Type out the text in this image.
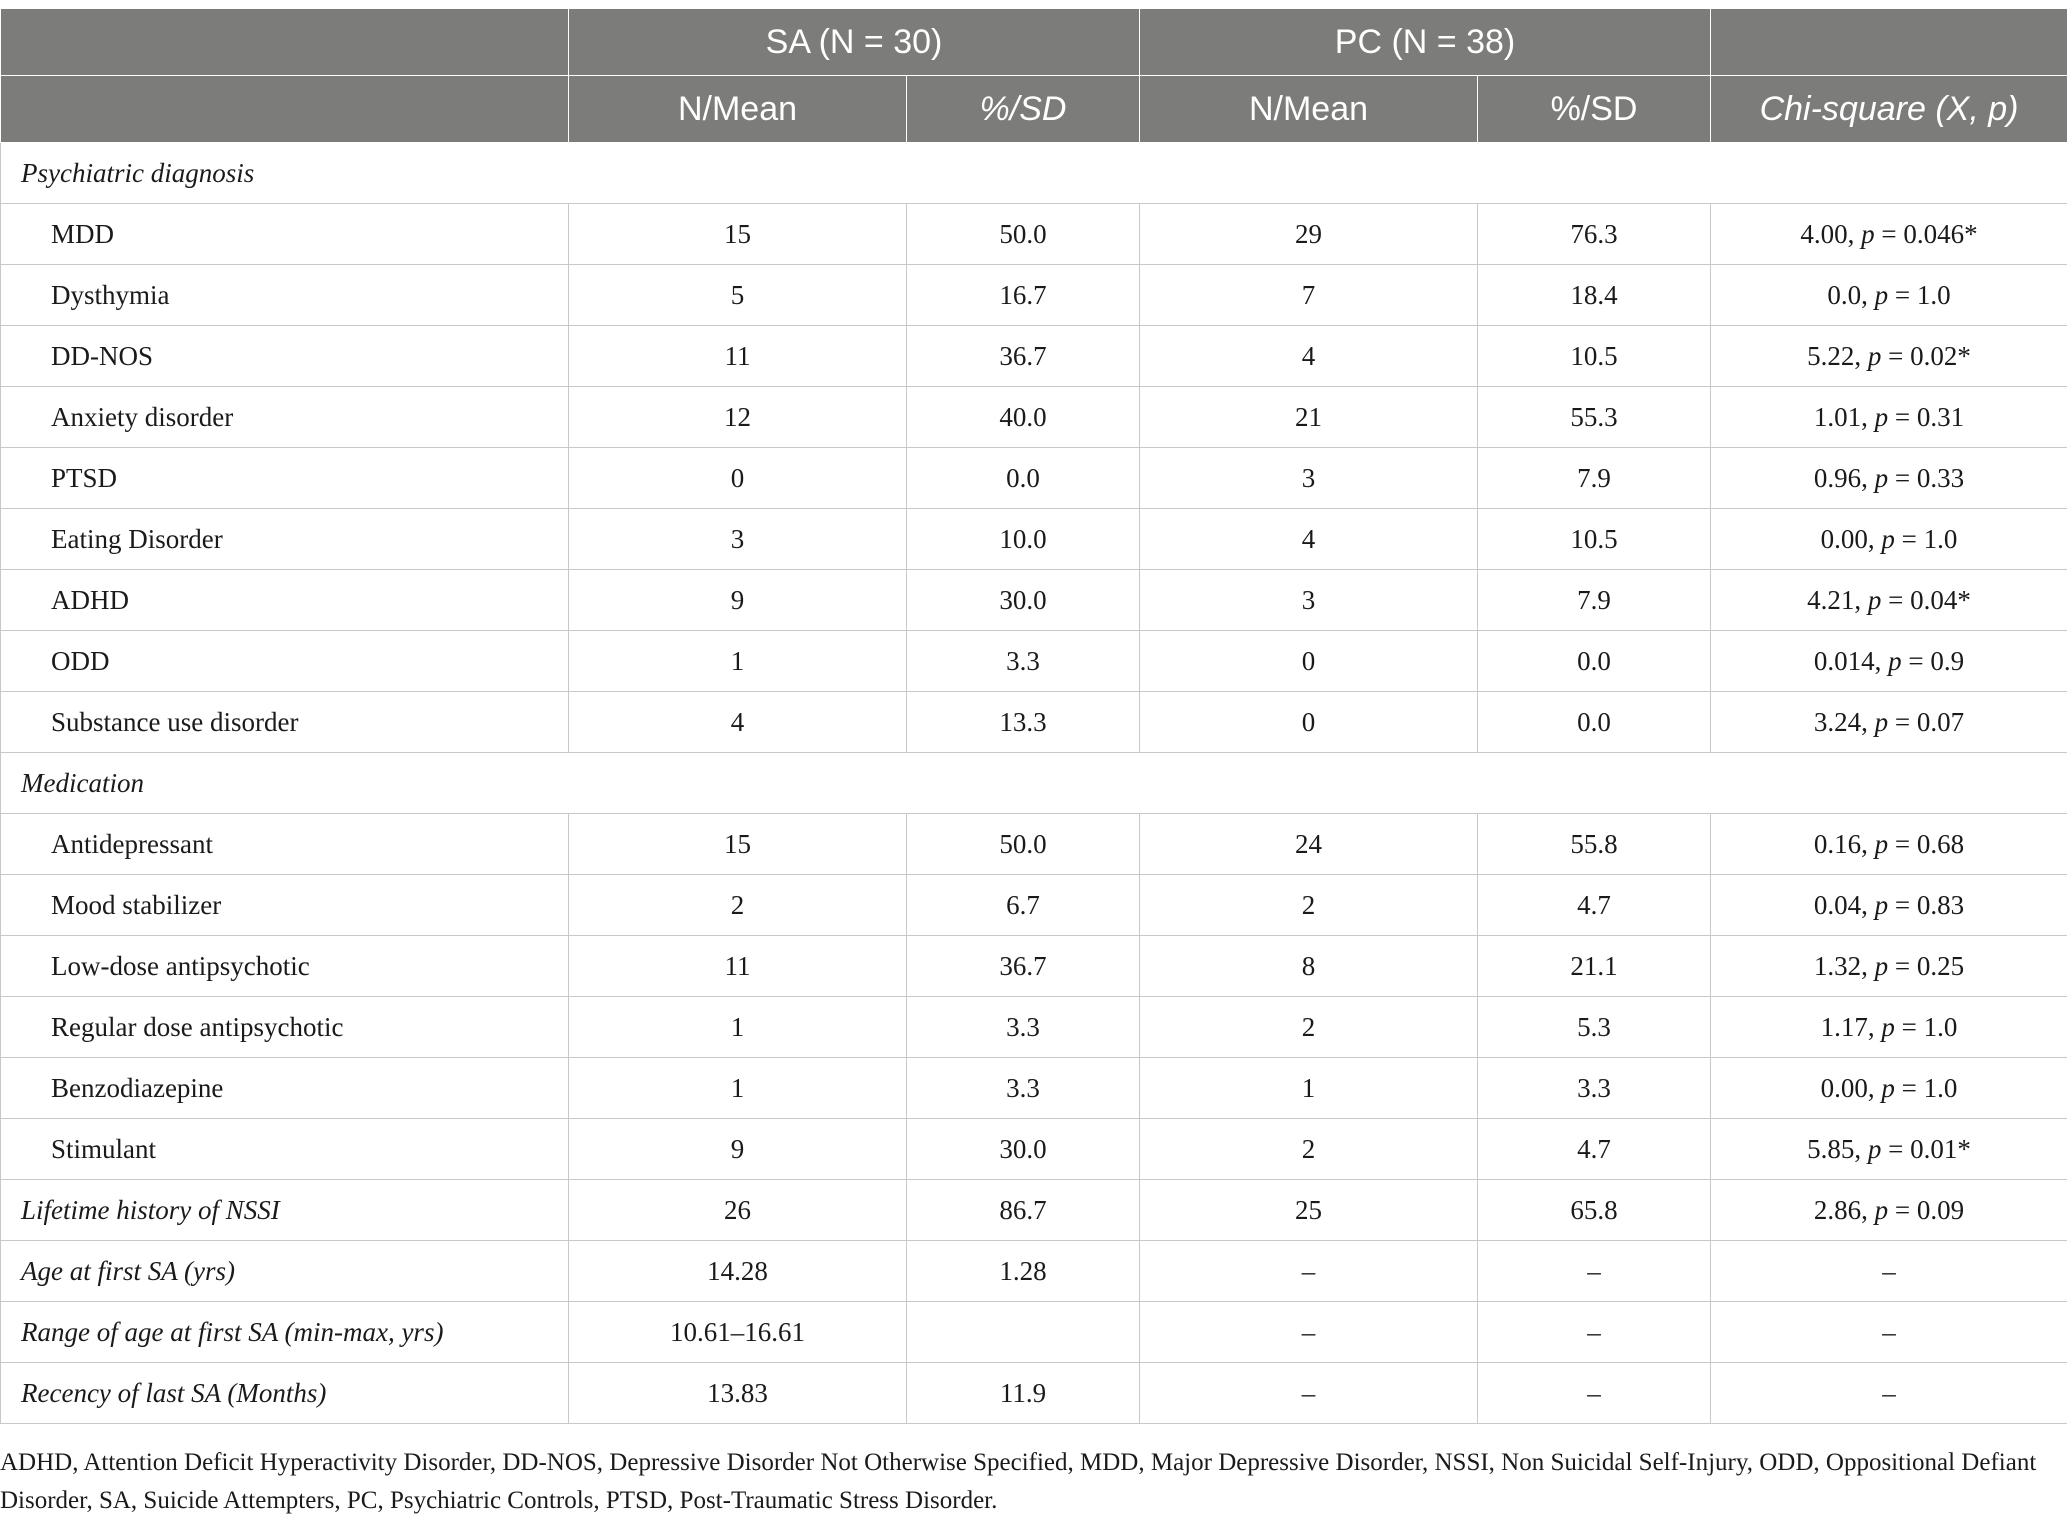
	SA (N = 30)		PC (N = 38)		
	N/Mean	%/SD	N/Mean	%/SD	Chi-square (X, p)
Psychiatric diagnosis					
MDD	15	50.0	29	76.3	4.00, p = 0.046*
Dysthymia	5	16.7	7	18.4	0.0, p = 1.0
DD-NOS	11	36.7	4	10.5	5.22, p = 0.02*
Anxiety disorder	12	40.0	21	55.3	1.01, p = 0.31
PTSD	0	0.0	3	7.9	0.96, p = 0.33
Eating Disorder	3	10.0	4	10.5	0.00, p = 1.0
ADHD	9	30.0	3	7.9	4.21, p = 0.04*
ODD	1	3.3	0	0.0	0.014, p = 0.9
Substance use disorder	4	13.3	0	0.0	3.24, p = 0.07
Medication					
Antidepressant	15	50.0	24	55.8	0.16, p = 0.68
Mood stabilizer	2	6.7	2	4.7	0.04, p = 0.83
Low-dose antipsychotic	11	36.7	8	21.1	1.32, p = 0.25
Regular dose antipsychotic	1	3.3	2	5.3	1.17, p = 1.0
Benzodiazepine	1	3.3	1	3.3	0.00, p = 1.0
Stimulant	9	30.0	2	4.7	5.85, p = 0.01*
Lifetime history of NSSI	26	86.7	25	65.8	2.86, p = 0.09
Age at first SA (yrs)	14.28	1.28	–	–	–
Range of age at first SA (min-max, yrs)	10.61–16.61		–	–	–
Recency of last SA (Months)	13.83	11.9	–	–	–

ADHD, Attention Deficit Hyperactivity Disorder, DD-NOS, Depressive Disorder Not Otherwise Specified, MDD, Major Depressive Disorder, NSSI, Non Suicidal Self-Injury, ODD, Oppositional Defiant Disorder, SA, Suicide Attempters, PC, Psychiatric Controls, PTSD, Post-Traumatic Stress Disorder.
